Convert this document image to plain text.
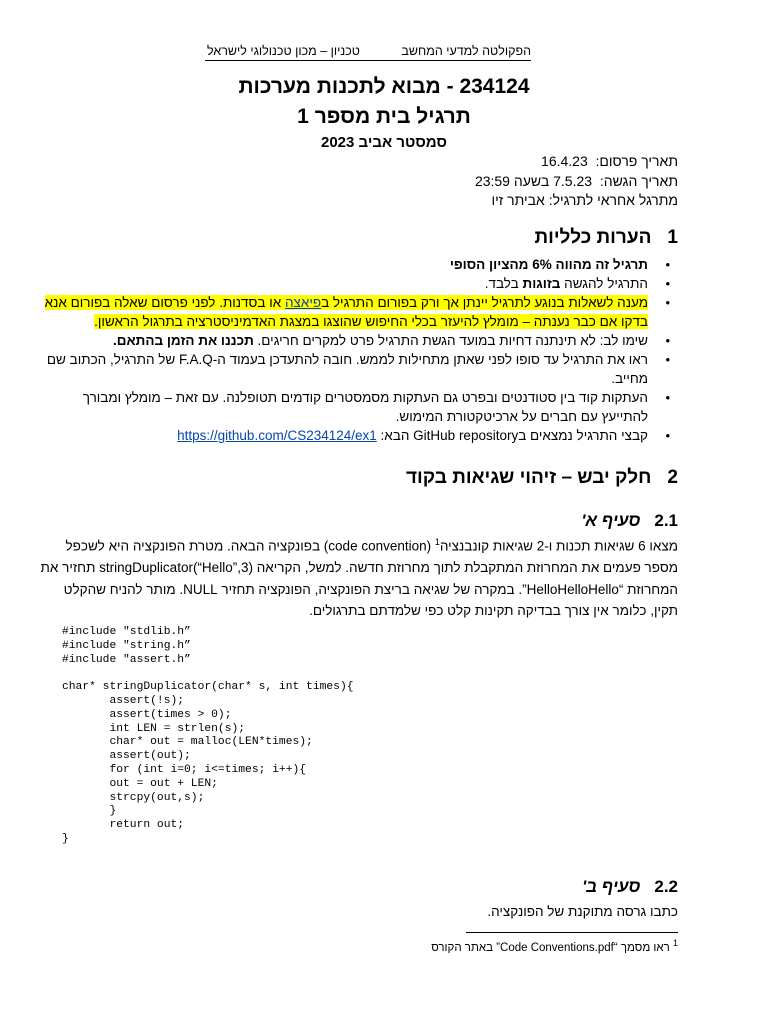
הפקולטה למדעי המחשב
טכניון – מכון טכנולוגי לישראל
234124 - מבוא לתכנות מערכות
תרגיל בית מספר 1
סמסטר אביב 2023
תאריך פרסום:  16.4.23
תאריך הגשה:  7.5.23 בשעה 23:59
מתרגל אחראי לתרגיל: אביתר זיו
1הערות כלליות
• תרגיל זה מהווה 6% מהציון הסופי
• התרגיל להגשה בזוגות בלבד.
• מענה לשאלות בנוגע לתרגיל יינתן אך ורק בפורום התרגיל בפיאצה או בסדנות. לפני פרסום שאלה בפורום אנא בדקו אם כבר נענתה – מומלץ להיעזר בכלי החיפוש שהוצגו במצגת האדמיניסטרציה בתרגול הראשון.
• שימו לב: לא תינתנה דחיות במועד הגשת התרגיל פרט למקרים חריגים. תכננו את הזמן בהתאם.
• ראו את התרגיל עד סופו לפני שאתן מתחילות לממש. חובה להתעדכן בעמוד ה-F.A.Q של התרגיל, הכתוב שם מחייב.
• העתקות קוד בין סטודנטים ובפרט גם העתקות מסמסטרים קודמים תטופלנה. עם זאת – מומלץ ומבורך להתייעץ עם חברים על ארכיטקטורת המימוש.
• קבצי התרגיל נמצאים בGitHub repository הבא: https://github.com/CS234124/ex1
2חלק יבש – זיהוי שגיאות בקוד
2.1סעיף א'
מצאו 6 שגיאות תכנות ו-2 שגיאות קונבנציה$^1$ (code convention) בפונקציה הבאה. מטרת הפונקציה היא לשכפל מספר פעמים את המחרוזת המתקבלת לתוך מחרוזת חדשה. למשל, הקריאה stringDuplicator(“Hello”,3) תחזיר את המחרוזת “HelloHelloHello”. במקרה של שגיאה בריצת הפונקציה, הפונקציה תחזיר NULL. מותר להניח שהקלט תקין, כלומר אין צורך בבדיקה תקינות קלט כפי שלמדתם בתרגולים.
#include "stdlib.h”
#include "string.h”
#include "assert.h”

char* stringDuplicator(char* s, int times){
assert(!s);
assert(times > 0);
int LEN = strlen(s);
char* out = malloc(LEN*times);
assert(out);
for (int i=0; i<=times; i++){
out = out + LEN;
strcpy(out,s);
}
return out;
}
2.2סעיף ב'
כתבו גרסה מתוקנת של הפונקציה.
$^1$ ראו מסמך “Code Conventions.pdf” באתר הקורס
